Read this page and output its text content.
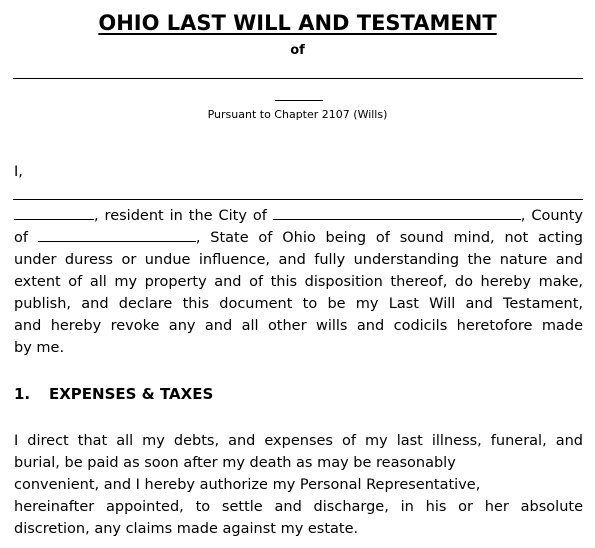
OHIO LAST WILL AND TESTAMENT
of
Pursuant to Chapter 2107 (Wills)
I,
, resident in the City of	, County
of	, State of Ohio being of sound mind, not acting
under duress or undue influence, and fully understanding the nature and
extent of all my property and of this disposition thereof, do hereby make,
publish, and declare this document to be my Last Will and Testament,
and hereby revoke any and all other wills and codicils heretofore made
by me.
1. EXPENSES & TAXES
I direct that all my debts, and expenses of my last illness, funeral, and
burial, be paid as soon after my death as may be reasonably
convenient, and I hereby authorize my Personal Representative,
hereinafter appointed, to settle and discharge, in his or her absolute
discretion, any claims made against my estate.
